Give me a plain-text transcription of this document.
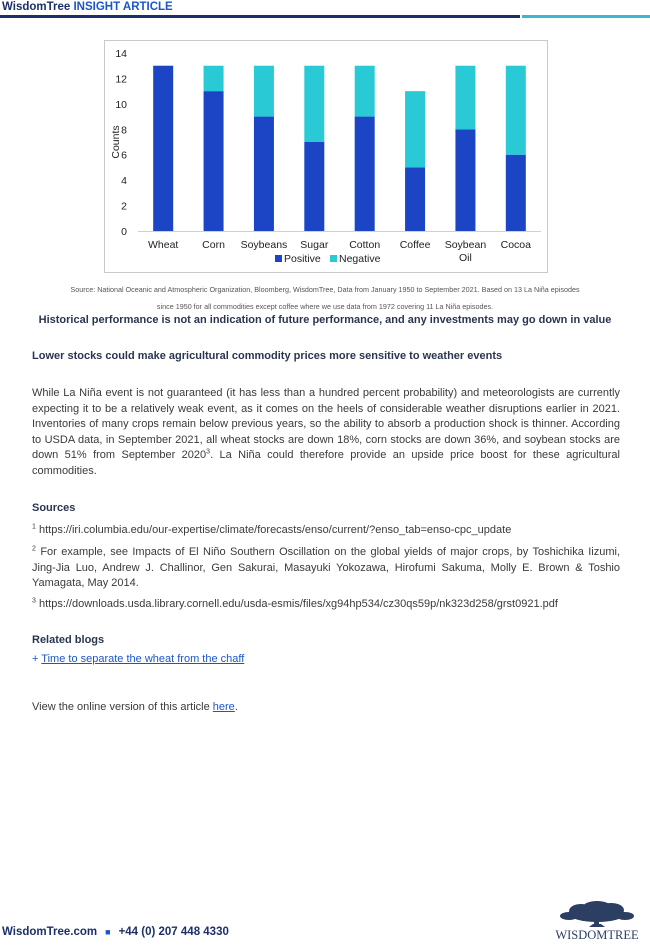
WisdomTree INSIGHT ARTICLE
0
2
4
6
8
10
12
14
Counts
Wheat Corn Soybeans Sugar Cotton Coffee Soybean Oil
Cocoa
Positive Negative
Source: National Oceanic and Atmospheric Organization, Bloomberg, WisdomTree, Data from January 1950 to September 2021. Based on 13 La Niña episodes
since 1950 for all commodities except coffee where we use data from 1972 covering 11 La Niña episodes.
Historical performance is not an indication of future performance, and any investments may go down in value
Lower stocks could make agricultural commodity prices more sensitive to weather events
While La Niña event is not guaranteed (it has less than a hundred percent probability) and meteorologists are currently expecting it to be a relatively weak event, as it comes on the heels of considerable weather disruptions earlier in 2021. Inventories of many crops remain below previous years, so the ability to absorb a production shock is thinner. According to USDA data, in September 2021, all wheat stocks are down 18%, corn stocks are down 36%, and soybean stocks are down 51% from September 2020$^3$. La Niña could therefore provide an upside price boost for these agricultural commodities.
Sources
$^1$ https://iri.columbia.edu/our-expertise/climate/forecasts/enso/current/?enso_tab=enso-cpc_update
$^2$ For example, see Impacts of El Niño Southern Oscillation on the global yields of major crops, by Toshichika Iizumi, Jing-Jia Luo, Andrew J. Challinor, Gen Sakurai, Masayuki Yokozawa, Hirofumi Sakuma, Molly E. Brown & Toshio Yamagata, May 2014.
$^3$ https://downloads.usda.library.cornell.edu/usda-esmis/files/xg94hp534/cz30qs59p/nk323d258/grst0921.pdf
Related blogs
+ Time to separate the wheat from the chaff
View the online version of this article here.
WisdomTree.com ■ +44 (0) 207 448 4330	WISDOMTREE
